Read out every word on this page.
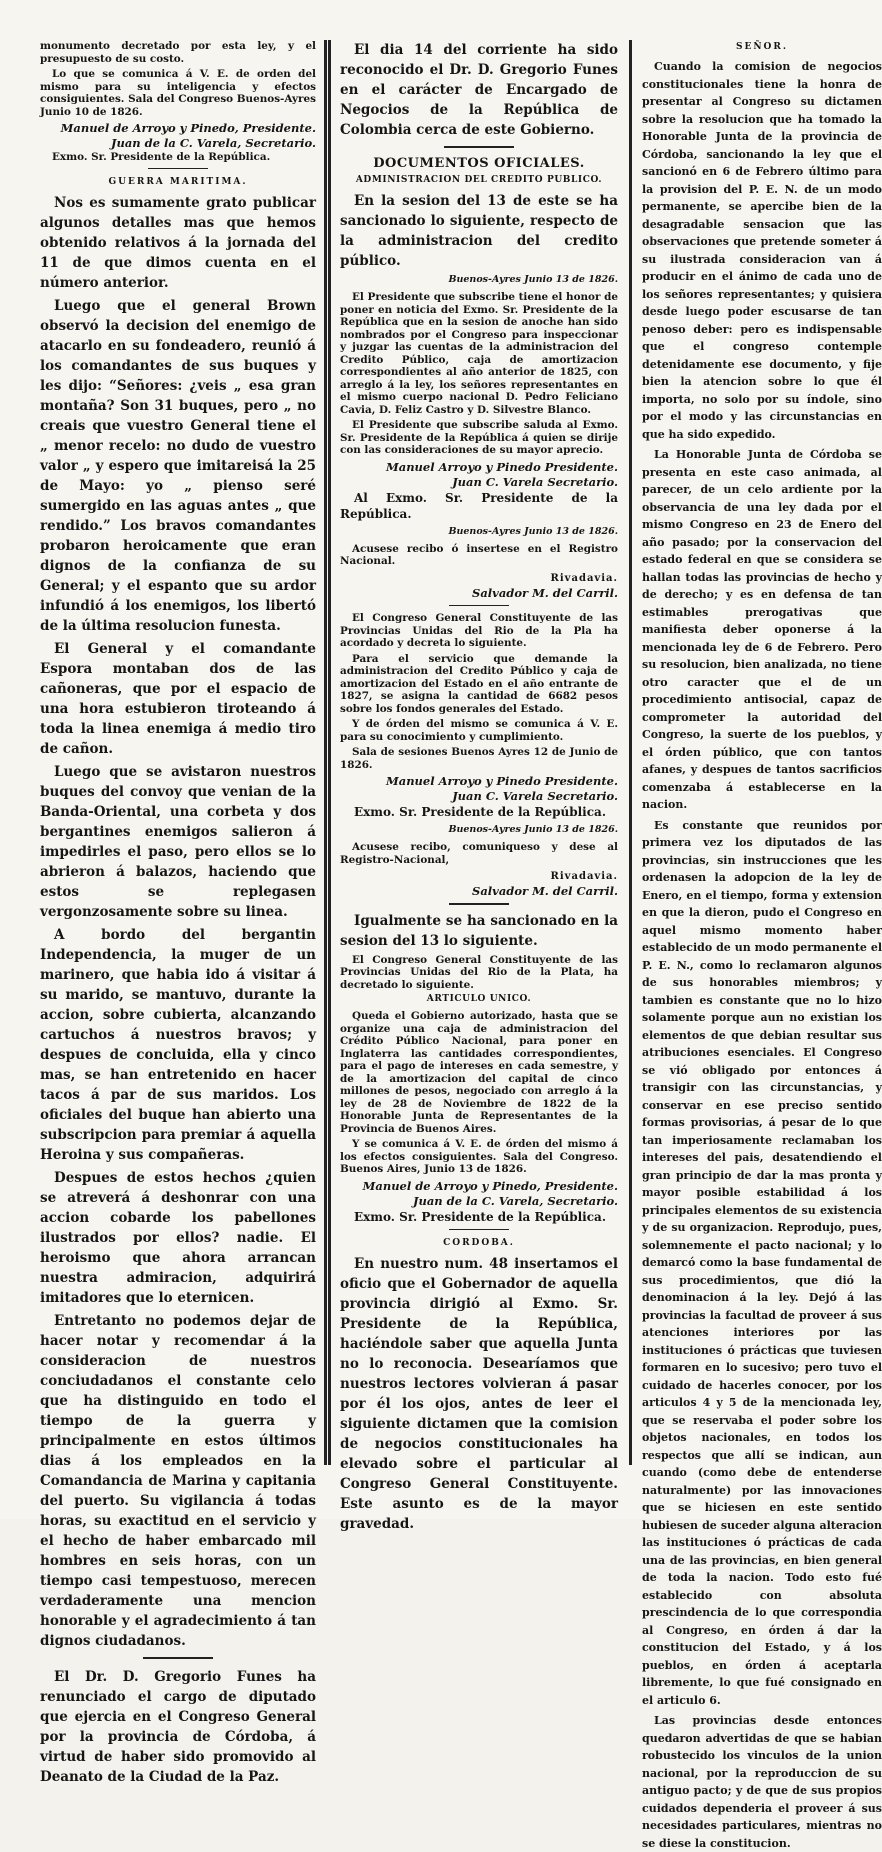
monumento decretado por esta ley, y el presupuesto de su costo.

Lo que se comunica á V. E. de orden del mismo para su inteligencia y efectos consiguientes. Sala del Congreso Buenos-Ayres Junio 10 de 1826.

Manuel de Arroyo y Pinedo, Presidente.

Juan de la C. Varela, Secretario.

Exmo. Sr. Presidente de la República.

GUERRA MARITIMA.

Nos es sumamente grato publicar algunos detalles mas que hemos obtenido relativos á la jornada del 11 de que dimos cuenta en el número anterior.

Luego que el general Brown observó la decision del enemigo de atacarlo en su fondeadero, reunió á los comandantes de sus buques y les dijo: “Señores: ¿veis „ esa gran montaña? Son 31 buques, pero „ no creais que vuestro General tiene el „ menor recelo: no dudo de vuestro valor „ y espero que imitareisá la 25 de Mayo: yo „ pienso seré sumergido en las aguas antes „ que rendido.” Los bravos comandantes probaron heroicamente que eran dignos de la confianza de su General; y el espanto que su ardor infundió á los enemigos, los libertó de la última resolucion funesta.

El General y el comandante Espora montaban dos de las cañoneras, que por el espacio de una hora estubieron tiroteando á toda la linea enemiga á medio tiro de cañon.

Luego que se avistaron nuestros buques del convoy que venian de la Banda-Oriental, una corbeta y dos bergantines enemigos salieron á impedirles el paso, pero ellos se lo abrieron á balazos, haciendo que estos se replegasen vergonzosamente sobre su linea.

A bordo del bergantin Independencia, la muger de un marinero, que habia ido á visitar á su marido, se mantuvo, durante la accion, sobre cubierta, alcanzando cartuchos á nuestros bravos; y despues de concluida, ella y cinco mas, se han entretenido en hacer tacos á par de sus maridos. Los oficiales del buque han abierto una subscripcion para premiar á aquella Heroina y sus compañeras.

Despues de estos hechos ¿quien se atreverá á deshonrar con una accion cobarde los pabellones ilustrados por ellos? nadie. El heroismo que ahora arrancan nuestra admiracion, adquirirá imitadores que lo eternicen.

Entretanto no podemos dejar de hacer notar y recomendar á la consideracion de nuestros conciudadanos el constante celo que ha distinguido en todo el tiempo de la guerra y principalmente en estos últimos dias á los empleados en la Comandancia de Marina y capitania del puerto. Su vigilancia á todas horas, su exactitud en el servicio y el hecho de haber embarcado mil hombres en seis horas, con un tiempo casi tempestuoso, merecen verdaderamente una mencion honorable y el agradecimiento á tan dignos ciudadanos.

El Dr. D. Gregorio Funes ha renunciado el cargo de diputado que ejercia en el Congreso General por la provincia de Córdoba, á virtud de haber sido promovido al Deanato de la Ciudad de la Paz.

El dia 14 del corriente ha sido reconocido el Dr. D. Gregorio Funes en el carácter de Encargado de Negocios de la República de Colombia cerca de este Gobierno.

DOCUMENTOS OFICIALES.

ADMINISTRACION DEL CREDITO PUBLICO.

En la sesion del 13 de este se ha sancionado lo siguiente, respecto de la administracion del credito público.

Buenos-Ayres Junio 13 de 1826.

El Presidente que subscribe tiene el honor de poner en noticia del Exmo. Sr. Presidente de la República que en la sesion de anoche han sido nombrados por el Congreso para inspeccionar y juzgar las cuentas de la administracion del Credito Público, caja de amortizacion correspondientes al año anterior de 1825, con arreglo á la ley, los señores representantes en el mismo cuerpo nacional D. Pedro Feliciano Cavia, D. Feliz Castro y D. Silvestre Blanco.

El Presidente que subscribe saluda al Exmo. Sr. Presidente de la República á quien se dirije con las consideraciones de su mayor aprecio.

Manuel Arroyo y Pinedo Presidente.

Juan C. Varela Secretario.

Al Exmo. Sr. Presidente de la República.

Buenos-Ayres Junio 13 de 1826.

Acusese recibo ó insertese en el Registro Nacional.

Rivadavia.

Salvador M. del Carril.

El Congreso General Constituyente de las Provincias Unidas del Rio de la Pla ha acordado y decreta lo siguiente.

Para el servicio que demande la administracion del Credito Público y caja de amortizacion del Estado en el año entrante de 1827, se asigna la cantidad de 6682 pesos sobre los fondos generales del Estado.

Y de órden del mismo se comunica á V. E. para su conocimiento y cumplimiento.

Sala de sesiones Buenos Ayres 12 de Junio de 1826.

Manuel Arroyo y Pinedo Presidente.

Juan C. Varela Secretario.

Exmo. Sr. Presidente de la República.

Buenos-Ayres Junio 13 de 1826.

Acusese recibo, comuniqueso y dese al Registro-Nacional,

Rivadavia.

Salvador M. del Carril.

Igualmente se ha sancionado en la sesion del 13 lo siguiente.

El Congreso General Constituyente de las Provincias Unidas del Rio de la Plata, ha decretado lo siguiente.

ARTICULO UNICO.

Queda el Gobierno autorizado, hasta que se organize una caja de administracion del Crédito Público Nacional, para poner en Inglaterra las cantidades correspondientes, para el pago de intereses en cada semestre, y de la amortizacion del capital de cinco millones de pesos, negociado con arreglo á la ley de 28 de Noviembre de 1822 de la Honorable Junta de Representantes de la Provincia de Buenos Aires.

Y se comunica á V. E. de órden del mismo á los efectos consiguientes. Sala del Congreso. Buenos Aires, Junio 13 de 1826.

Manuel de Arroyo y Pinedo, Presidente.

Juan de la C. Varela, Secretario.

Exmo. Sr. Presidente de la República.

CORDOBA.

En nuestro num. 48 insertamos el oficio que el Gobernador de aquella provincia dirigió al Exmo. Sr. Presidente de la República, haciéndole saber que aquella Junta no lo reconocia. Desearíamos que nuestros lectores volvieran á pasar por él los ojos, antes de leer el siguiente dictamen que la comision de negocios constitucionales ha elevado sobre el particular al Congreso General Constituyente. Este asunto es de la mayor gravedad.

SEÑOR.

Cuando la comision de negocios constitucionales tiene la honra de presentar al Congreso su dictamen sobre la resolucion que ha tomado la Honorable Junta de la provincia de Córdoba, sancionando la ley que el sancionó en 6 de Febrero último para la provision del P. E. N. de un modo permanente, se apercibe bien de la desagradable sensacion que las observaciones que pretende someter á su ilustrada consideracion van á producir en el ánimo de cada uno de los señores representantes; y quisiera desde luego poder escusarse de tan penoso deber: pero es indispensable que el congreso contemple detenidamente ese documento, y fije bien la atencion sobre lo que él importa, no solo por su índole, sino por el modo y las circunstancias en que ha sido expedido.

La Honorable Junta de Córdoba se presenta en este caso animada, al parecer, de un celo ardiente por la observancia de una ley dada por el mismo Congreso en 23 de Enero del año pasado; por la conservacion del estado federal en que se considera se hallan todas las provincias de hecho y de derecho; y es en defensa de tan estimables prerogativas que manifiesta deber oponerse á la mencionada ley de 6 de Febrero. Pero su resolucion, bien analizada, no tiene otro caracter que el de un procedimiento antisocial, capaz de comprometer la autoridad del Congreso, la suerte de los pueblos, y el órden público, que con tantos afanes, y despues de tantos sacrificios comenzaba á establecerse en la nacion.

Es constante que reunidos por primera vez los diputados de las provincias, sin instrucciones que les ordenasen la adopcion de la ley de Enero, en el tiempo, forma y extension en que la dieron, pudo el Congreso en aquel mismo momento haber establecido de un modo permanente el P. E. N., como lo reclamaron algunos de sus honorables miembros; y tambien es constante que no lo hizo solamente porque aun no existian los elementos de que debian resultar sus atribuciones esenciales. El Congreso se vió obligado por entonces á transigir con las circunstancias, y conservar en ese preciso sentido formas provisorias, á pesar de lo que tan imperiosamente reclamaban los intereses del pais, desatendiendo el gran principio de dar la mas pronta y mayor posible estabilidad á los principales elementos de su existencia y de su organizacion. Reprodujo, pues, solemnemente el pacto nacional; y lo demarcó como la base fundamental de sus procedimientos, que dió la denominacion á la ley. Dejó á las provincias la facultad de proveer á sus atenciones interiores por las instituciones ó prácticas que tuviesen formaren en lo sucesivo; pero tuvo el cuidado de hacerles conocer, por los articulos 4 y 5 de la mencionada ley, que se reservaba el poder sobre los objetos nacionales, en todos los respectos que allí se indican, aun cuando (como debe de entenderse naturalmente) por las innovaciones que se hiciesen en este sentido hubiesen de suceder alguna alteracion las instituciones ó prácticas de cada una de las provincias, en bien general de toda la nacion. Todo esto fué establecido con absoluta prescindencia de lo que correspondia al Congreso, en órden á dar la constitucion del Estado, y á los pueblos, en órden á aceptarla libremente, lo que fué consignado en el articulo 6.

Las provincias desde entonces quedaron advertidas de que se habian robustecido los vinculos de la union nacional, por la reproduccion de su antiguo pacto; y de que de sus propios cuidados dependeria el proveer á sus necesidades particulares, mientras no se diese la constitucion.
